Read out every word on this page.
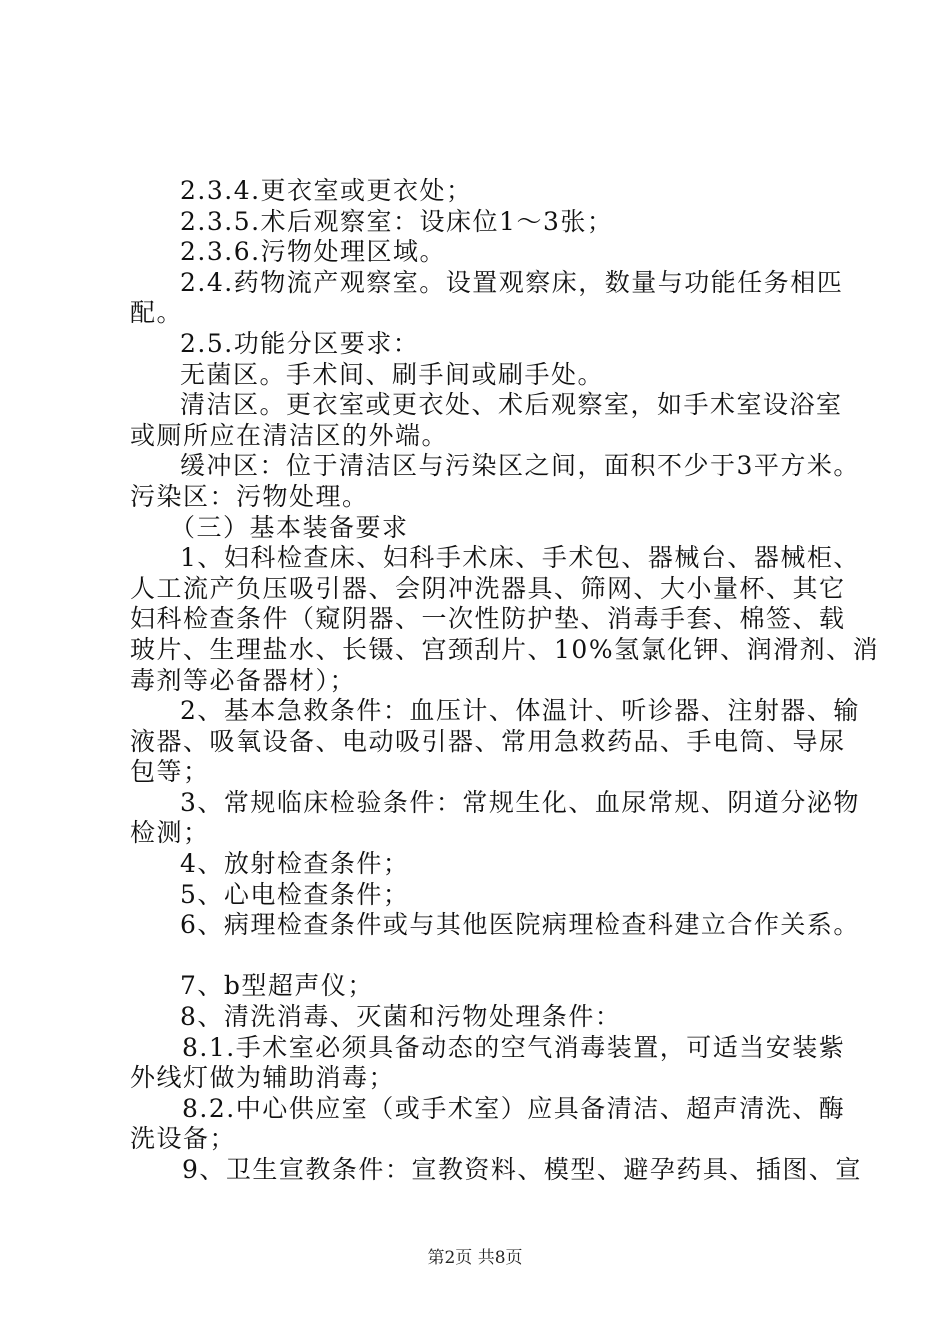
2.3.4.更衣室或更衣处；
2.3.5.术后观察室：设床位1～3张；
2.3.6.污物处理区域。
2.4.药物流产观察室。设置观察床，数量与功能任务相匹
配。
2.5.功能分区要求：
无菌区。手术间、刷手间或刷手处。
清洁区。更衣室或更衣处、术后观察室，如手术室设浴室
或厕所应在清洁区的外端。
缓冲区：位于清洁区与污染区之间，面积不少于3平方米。
污染区：污物处理。
（三）基本装备要求
1、妇科检查床、妇科手术床、手术包、器械台、器械柜、
人工流产负压吸引器、会阴冲洗器具、筛网、大小量杯、其它
妇科检查条件（窥阴器、一次性防护垫、消毒手套、棉签、载
玻片、生理盐水、长镊、宫颈刮片、10%氢氯化钾、润滑剂、消
毒剂等必备器材）；
2、基本急救条件：血压计、体温计、听诊器、注射器、输
液器、吸氧设备、电动吸引器、常用急救药品、手电筒、导尿
包等；
3、常规临床检验条件：常规生化、血尿常规、阴道分泌物
检测；
4、放射检查条件；
5、心电检查条件；
6、病理检查条件或与其他医院病理检查科建立合作关系。
7、b型超声仪；
8、清洗消毒、灭菌和污物处理条件：
8.1.手术室必须具备动态的空气消毒装置，可适当安装紫
外线灯做为辅助消毒；
8.2.中心供应室（或手术室）应具备清洁、超声清洗、酶
洗设备；
9、卫生宣教条件：宣教资料、模型、避孕药具、插图、宣
第2页 共8页
